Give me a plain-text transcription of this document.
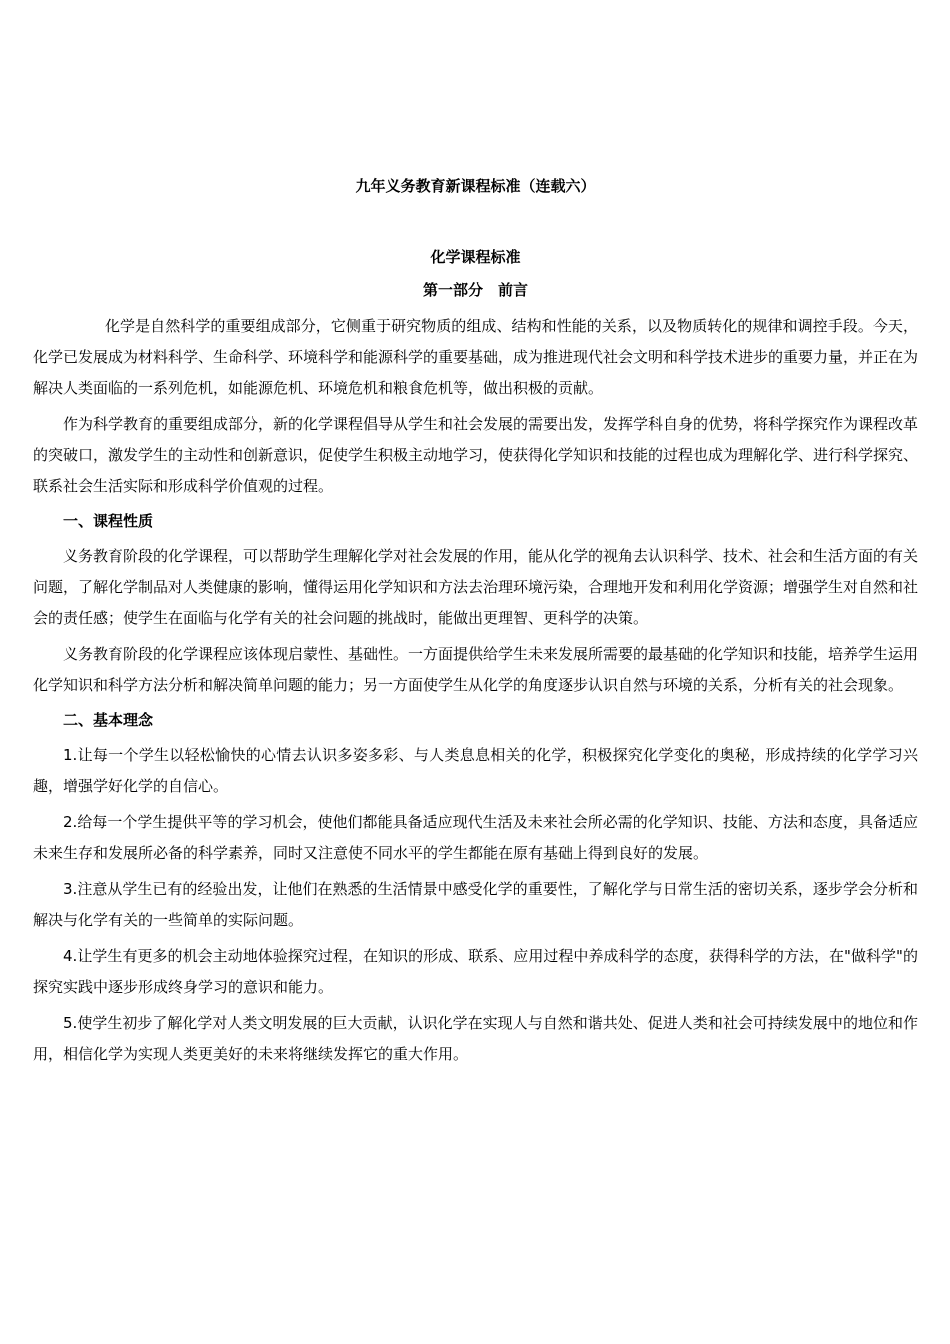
九年义务教育新课程标准（连载六）
化学课程标准
第一部分　前言

化学是自然科学的重要组成部分，它侧重于研究物质的组成、结构和性能的关系，以及物质转化的规律和调控手段。今天，化学已发展成为材料科学、生命科学、环境科学和能源科学的重要基础，成为推进现代社会文明和科学技术进步的重要力量，并正在为解决人类面临的一系列危机，如能源危机、环境危机和粮食危机等，做出积极的贡献。

作为科学教育的重要组成部分，新的化学课程倡导从学生和社会发展的需要出发，发挥学科自身的优势，将科学探究作为课程改革的突破口，激发学生的主动性和创新意识，促使学生积极主动地学习，使获得化学知识和技能的过程也成为理解化学、进行科学探究、联系社会生活实际和形成科学价值观的过程。

一、课程性质

义务教育阶段的化学课程，可以帮助学生理解化学对社会发展的作用，能从化学的视角去认识科学、技术、社会和生活方面的有关问题，了解化学制品对人类健康的影响，懂得运用化学知识和方法去治理环境污染，合理地开发和利用化学资源；增强学生对自然和社会的责任感；使学生在面临与化学有关的社会问题的挑战时，能做出更理智、更科学的决策。

义务教育阶段的化学课程应该体现启蒙性、基础性。一方面提供给学生未来发展所需要的最基础的化学知识和技能，培养学生运用化学知识和科学方法分析和解决简单问题的能力；另一方面使学生从化学的角度逐步认识自然与环境的关系，分析有关的社会现象。

二、基本理念

1.让每一个学生以轻松愉快的心情去认识多姿多彩、与人类息息相关的化学，积极探究化学变化的奥秘，形成持续的化学学习兴趣，增强学好化学的自信心。

2.给每一个学生提供平等的学习机会，使他们都能具备适应现代生活及未来社会所必需的化学知识、技能、方法和态度，具备适应未来生存和发展所必备的科学素养，同时又注意使不同水平的学生都能在原有基础上得到良好的发展。

3.注意从学生已有的经验出发，让他们在熟悉的生活情景中感受化学的重要性，了解化学与日常生活的密切关系，逐步学会分析和解决与化学有关的一些简单的实际问题。

4.让学生有更多的机会主动地体验探究过程，在知识的形成、联系、应用过程中养成科学的态度，获得科学的方法，在"做科学"的探究实践中逐步形成终身学习的意识和能力。

5.使学生初步了解化学对人类文明发展的巨大贡献，认识化学在实现人与自然和谐共处、促进人类和社会可持续发展中的地位和作用，相信化学为实现人类更美好的未来将继续发挥它的重大作用。
